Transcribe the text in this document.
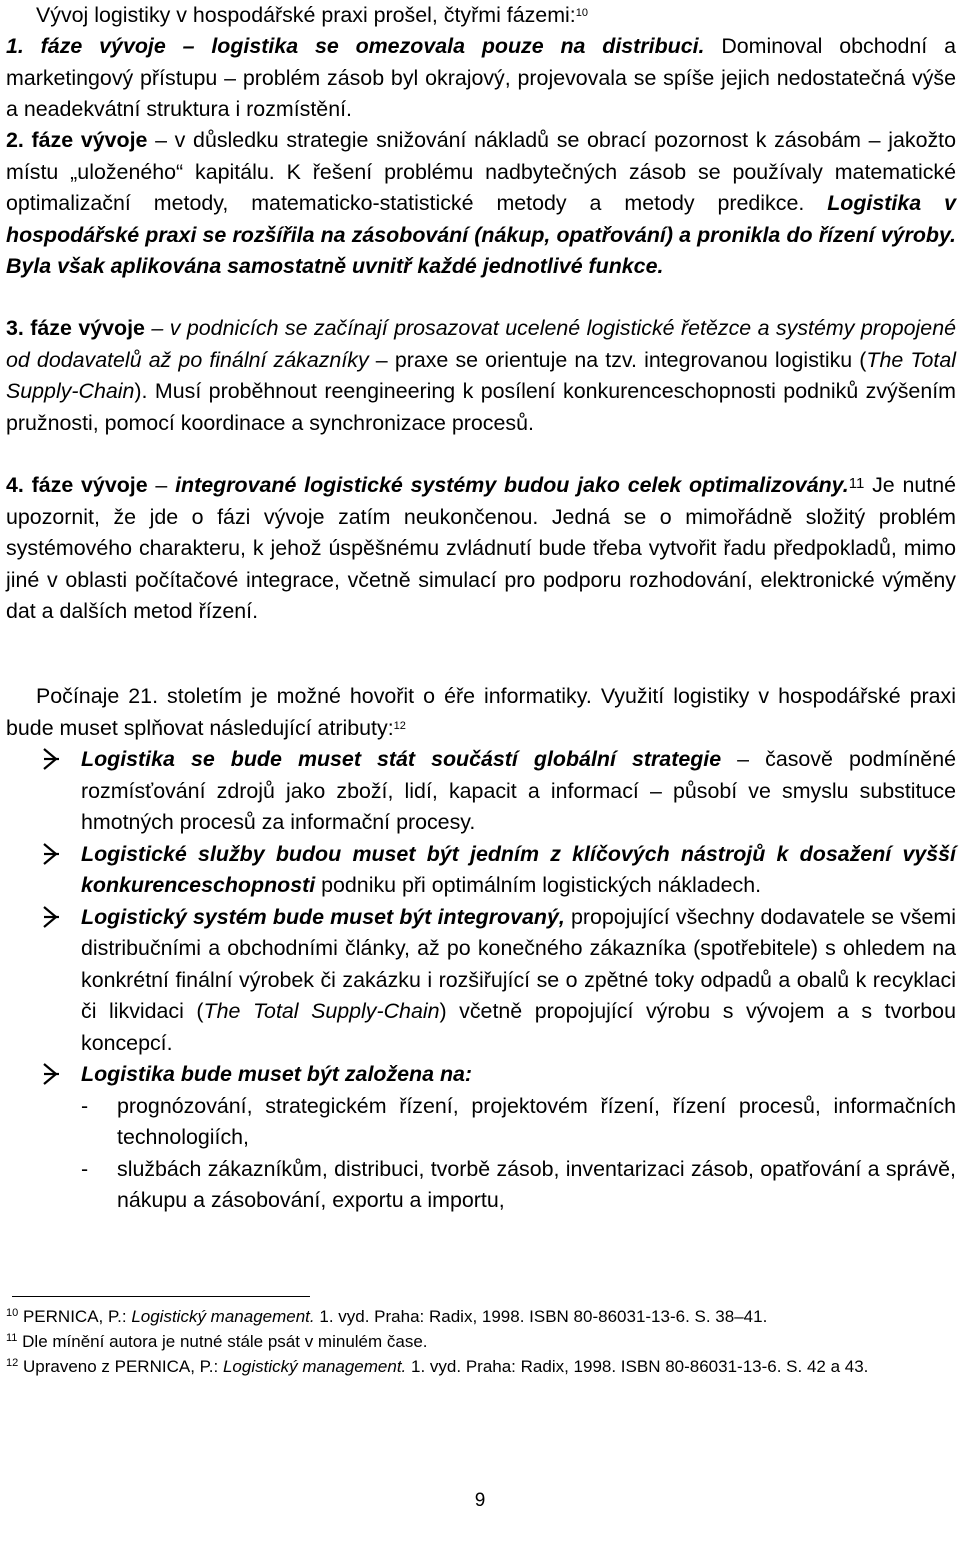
Vývoj logistiky v hospodářské praxi prošel, čtyřmi fázemi:$^{10}$

1. fáze vývoje – logistika se omezovala pouze na distribuci. Dominoval obchodní a marketingový přístupu – problém zásob byl okrajový, projevovala se spíše jejich nedostatečná výše a neadekvátní struktura i rozmístění.

2. fáze vývoje – v důsledku strategie snižování nákladů se obrací pozornost k zásobám – jakožto místu „uloženého“ kapitálu. K řešení problému nadbytečných zásob se používaly matematické optimalizační metody, matematicko-statistické metody a metody predikce. Logistika v hospodářské praxi se rozšířila na zásobování (nákup, opatřování) a pronikla do řízení výroby. Byla však aplikována samostatně uvnitř každé jednotlivé funkce.

3. fáze vývoje – v podnicích se začínají prosazovat ucelené logistické řetězce a systémy propojené od dodavatelů až po finální zákazníky – praxe se orientuje na tzv. integrovanou logistiku (The Total Supply-Chain). Musí proběhnout reengineering k posílení konkurenceschopnosti podniků zvýšením pružnosti, pomocí koordinace a synchronizace procesů.

4. fáze vývoje – integrované logistické systémy budou jako celek optimalizovány.$^{11}$ Je nutné upozornit, že jde o fázi vývoje zatím neukončenou. Jedná se o mimořádně složitý problém systémového charakteru, k jehož úspěšnému zvládnutí bude třeba vytvořit řadu předpokladů, mimo jiné v oblasti počítačové integrace, včetně simulací pro podporu rozhodování, elektronické výměny dat a dalších metod řízení.

Počínaje 21. stoletím je možné hovořit o éře informatiky. Využití logistiky v hospodářské praxi bude muset splňovat následující atributy:$^{12}$

Logistika se bude muset stát součástí globální strategie – časově podmíněné rozmísťování zdrojů jako zboží, lidí, kapacit a informací – působí ve smyslu substituce hmotných procesů za informační procesy.

Logistické služby budou muset být jedním z klíčových nástrojů k dosažení vyšší konkurenceschopnosti podniku při optimálním logistických nákladech.

Logistický systém bude muset být integrovaný, propojující všechny dodavatele se všemi distribučními a obchodními články, až po konečného zákazníka (spotřebitele) s ohledem na konkrétní finální výrobek či zakázku i rozšiřující se o zpětné toky odpadů a obalů k recyklaci či likvidaci (The Total Supply-Chain) včetně propojující výrobu s vývojem a s tvorbou koncepcí.

Logistika bude muset být založena na:

- prognózování, strategickém řízení, projektovém řízení, řízení procesů, informačních technologiích,

- službách zákazníkům, distribuci, tvorbě zásob, inventarizaci zásob, opatřování a správě, nákupu a zásobování, exportu a importu,

$^{10}$ PERNICA, P.: Logistický management. 1. vyd. Praha: Radix, 1998. ISBN 80-86031-13-6. S. 38–41.

$^{11}$ Dle mínění autora je nutné stále psát v minulém čase.

$^{12}$ Upraveno z PERNICA, P.: Logistický management. 1. vyd. Praha: Radix, 1998. ISBN 80-86031-13-6. S. 42 a 43.

9
